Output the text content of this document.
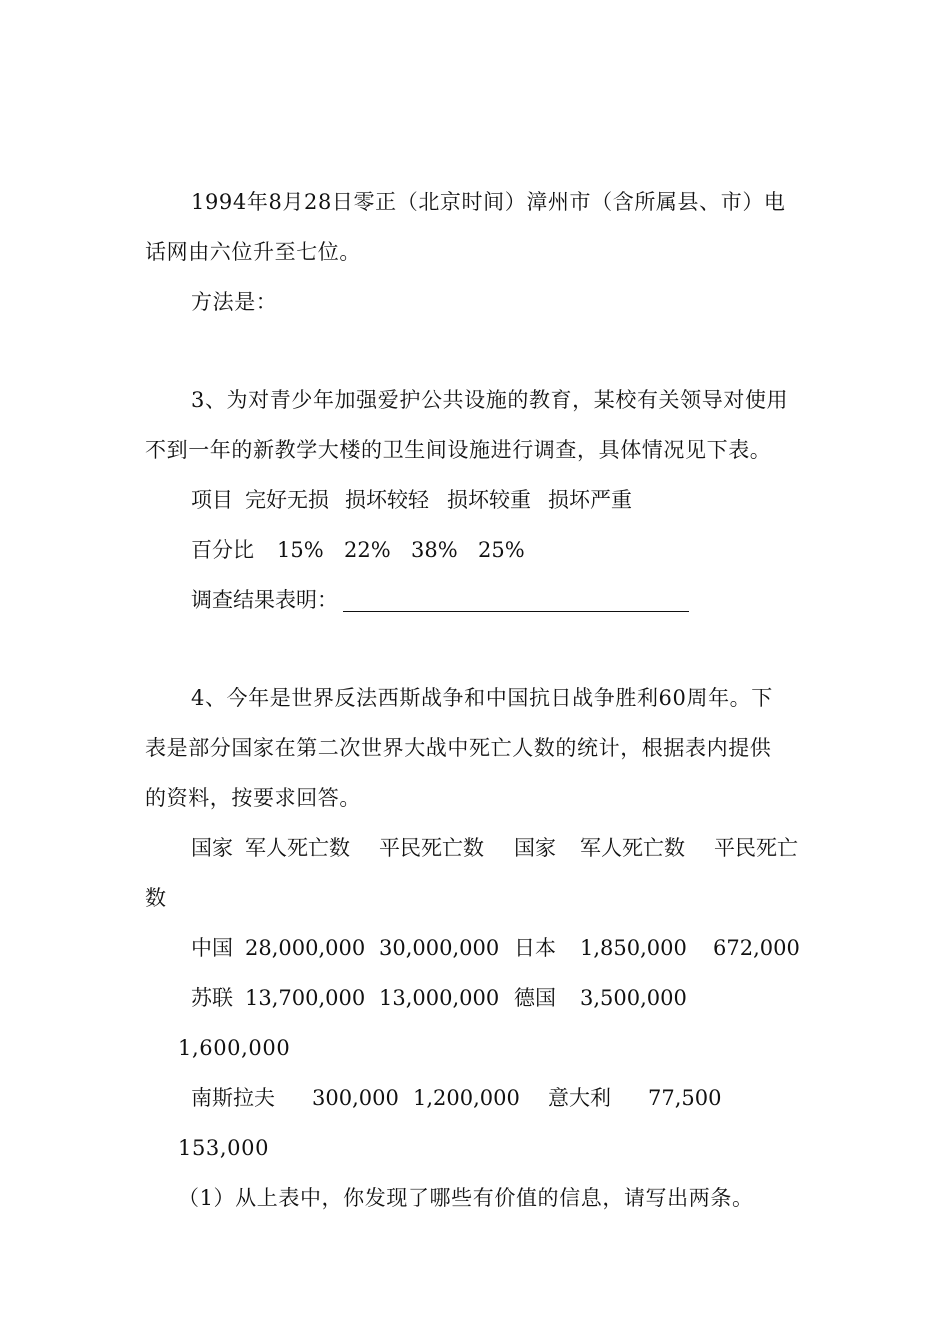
1994年8月28日零正（北京时间）漳州市（含所属县、市）电
话网由六位升至七位。
方法是：
3、为对青少年加强爱护公共设施的教育，某校有关领导对使用
不到一年的新教学大楼的卫生间设施进行调查，具体情况见下表。
项目 完好无损 损坏较轻 损坏较重 损坏严重
百分比 15% 22% 38% 25%
调查结果表明：
4、今年是世界反法西斯战争和中国抗日战争胜利60周年。下
表是部分国家在第二次世界大战中死亡人数的统计，根据表内提供
的资料，按要求回答。
国家 军人死亡数 平民死亡数 国家 军人死亡数 平民死亡
数
中国 28,000,000 30,000,000 日本 1,850,000 672,000
苏联 13,700,000 13,000,000 德国 3,500,000
1,600,000
南斯拉夫 300,000 1,200,000 意大利 77,500
153,000
（1）从上表中，你发现了哪些有价值的信息，请写出两条。
